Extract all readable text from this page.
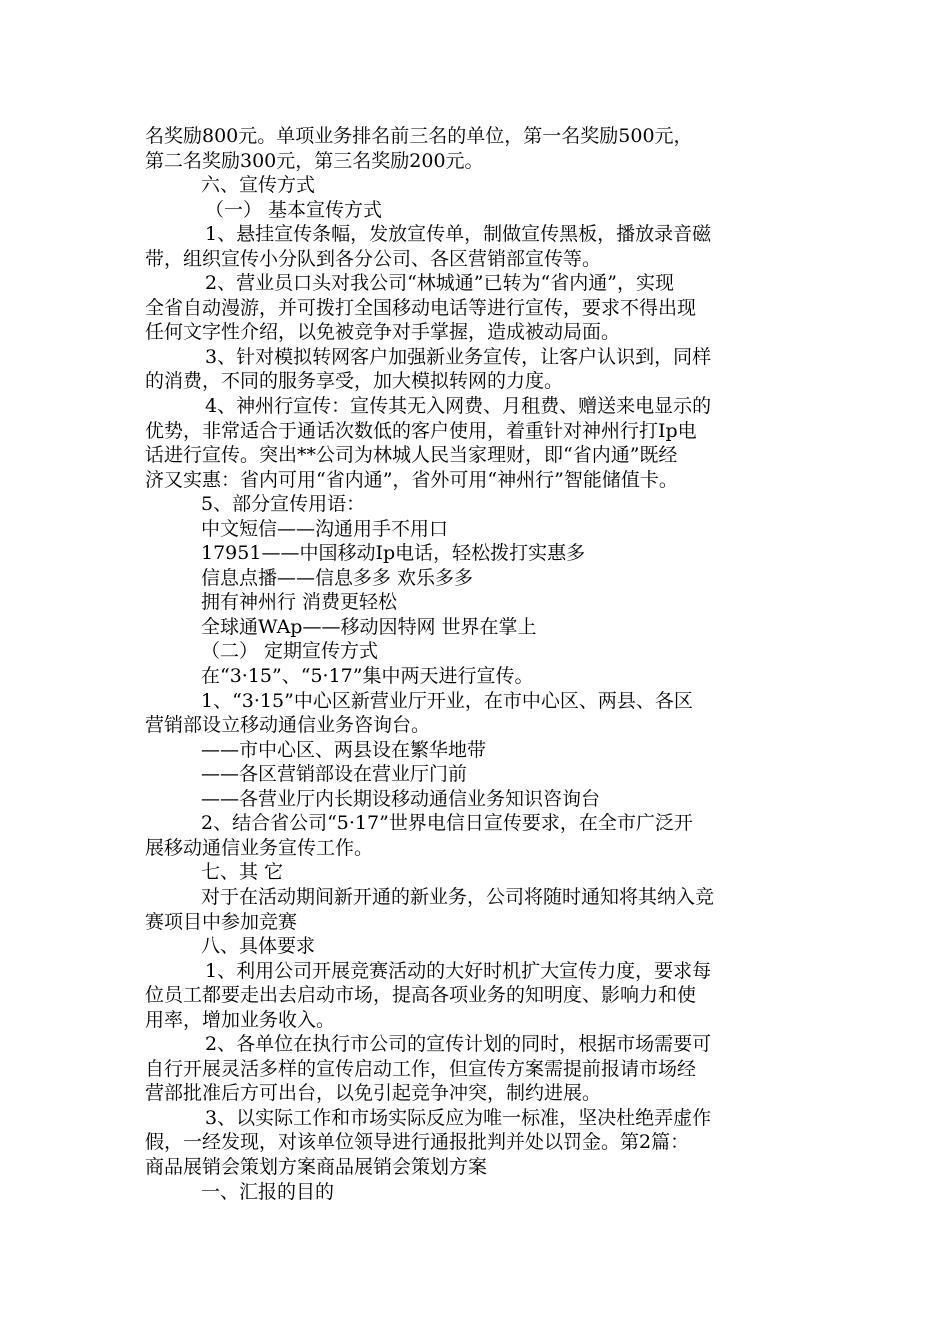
名奖励800元。单项业务排名前三名的单位，第一名奖励500元，
第二名奖励300元，第三名奖励200元。
六、宣传方式
（一） 基本宣传方式
1、悬挂宣传条幅，发放宣传单，制做宣传黑板，播放录音磁
带，组织宣传小分队到各分公司、各区营销部宣传等。
2、营业员口头对我公司“林城通”已转为“省内通”，实现
全省自动漫游，并可拨打全国移动电话等进行宣传，要求不得出现
任何文字性介绍，以免被竞争对手掌握，造成被动局面。
3、针对模拟转网客户加强新业务宣传，让客户认识到，同样
的消费，不同的服务享受，加大模拟转网的力度。
4、神州行宣传：宣传其无入网费、月租费、赠送来电显示的
优势，非常适合于通话次数低的客户使用，着重针对神州行打Ip电
话进行宣传。突出**公司为林城人民当家理财，即“省内通”既经
济又实惠：省内可用“省内通”，省外可用“神州行”智能储值卡。
5、部分宣传用语：
中文短信——沟通用手不用口
17951——中国移动Ip电话，轻松拨打实惠多
信息点播——信息多多 欢乐多多
拥有神州行 消费更轻松
全球通WAp——移动因特网 世界在掌上
（二） 定期宣传方式
在“3·15”、“5·17”集中两天进行宣传。
1、“3·15”中心区新营业厅开业，在市中心区、两县、各区
营销部设立移动通信业务咨询台。
——市中心区、两县设在繁华地带
——各区营销部设在营业厅门前
——各营业厅内长期设移动通信业务知识咨询台
2、结合省公司“5·17”世界电信日宣传要求，在全市广泛开
展移动通信业务宣传工作。
七、其 它
对于在活动期间新开通的新业务，公司将随时通知将其纳入竞
赛项目中参加竞赛
八、具体要求
1、利用公司开展竞赛活动的大好时机扩大宣传力度，要求每
位员工都要走出去启动市场，提高各项业务的知明度、影响力和使
用率，增加业务收入。
2、各单位在执行市公司的宣传计划的同时，根据市场需要可
自行开展灵活多样的宣传启动工作，但宣传方案需提前报请市场经
营部批准后方可出台，以免引起竞争冲突，制约进展。
3、以实际工作和市场实际反应为唯一标准，坚决杜绝弄虚作
假，一经发现，对该单位领导进行通报批判并处以罚金。第2篇：
商品展销会策划方案商品展销会策划方案
一、汇报的目的
